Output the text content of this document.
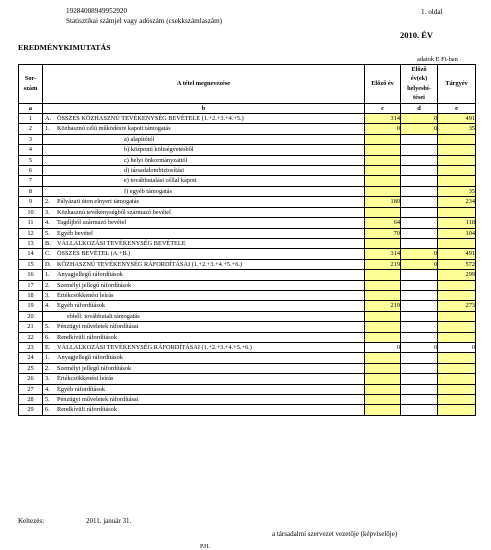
19284008949952920
Statisztikai számjel vagy adószám (csekkszámlaszám)
1. oldal
2010. ÉV
EREDMÉNYKIMUTATÁS
adatok E Ft-ban
Sor-
szám	A tétel megnevezése	Előző év	Előző
év(ek)
helyesbí-
tései	Tárgyév
a	b	c	d	e
1	A. ÖSSZES KÖZHASZNÚ TEVÉKENYSÉG BEVÉTELE (1.+2.+3.+4.+5.)	314	0	491
2	1. Közhasznú célú működésre kapott támogatás	0	0	35
3	a) alapítótól			
4	b) központi költségvetésből			
5	c) helyi önkormányzattól			
6	d) társadalombiztosítási			
7	e) továbbutalási céllal kapott			
8	f) egyéb támogatás			35
9	2. Pályázati úton elnyert támogatás	180		234
10	3. Közhasznú tevékenységből származó bevétel			
11	4. Tagdíjból származó bevétel	64		118
12	5. Egyéb bevétel	70		104
13	B. VÁLLALKOZÁSI TEVÉKENYSÉG BEVÉTELE			
14	C. ÖSSZES BEVÉTEL (A.+B.)	314	0	491
15	D. KÖZHASZNÚ TEVÉKENYSÉG RÁFORDÍTÁSAI (1.+2.+3.+4.+5.+6.)	219	0	572
16	1. Anyagjellegű ráfordítások			299
17	2. Személyi jellegű ráfordítások			
18	3. Értékcsökkenési leírás			
19	4. Egyéb ráfordítások	219		273
20	ebből: továbbutalt támogatás			
21	5. Pénzügyi műveletek ráfordításai			
22	6. Rendkívüli ráfordítások			
23	E. VÁLLALKOZÁSI TEVÉKENYSÉG RÁFORDÍTÁSAI (1.+2.+3.+4.+5.+6.)	0	0	0
24	1. Anyagjellegű ráfordítások			
25	2. Személyi jellegű ráfordítások			
26	3. Értékcsökkenési leírás			
27	4. Egyéb ráfordítások			
28	5. Pénzügyi műveletek ráfordításai			
29	6. Rendkívüli ráfordítások			
Keltezés:	2011. január 31.
a társadalmi szervezet vezetője (képviselője)
P.H.
